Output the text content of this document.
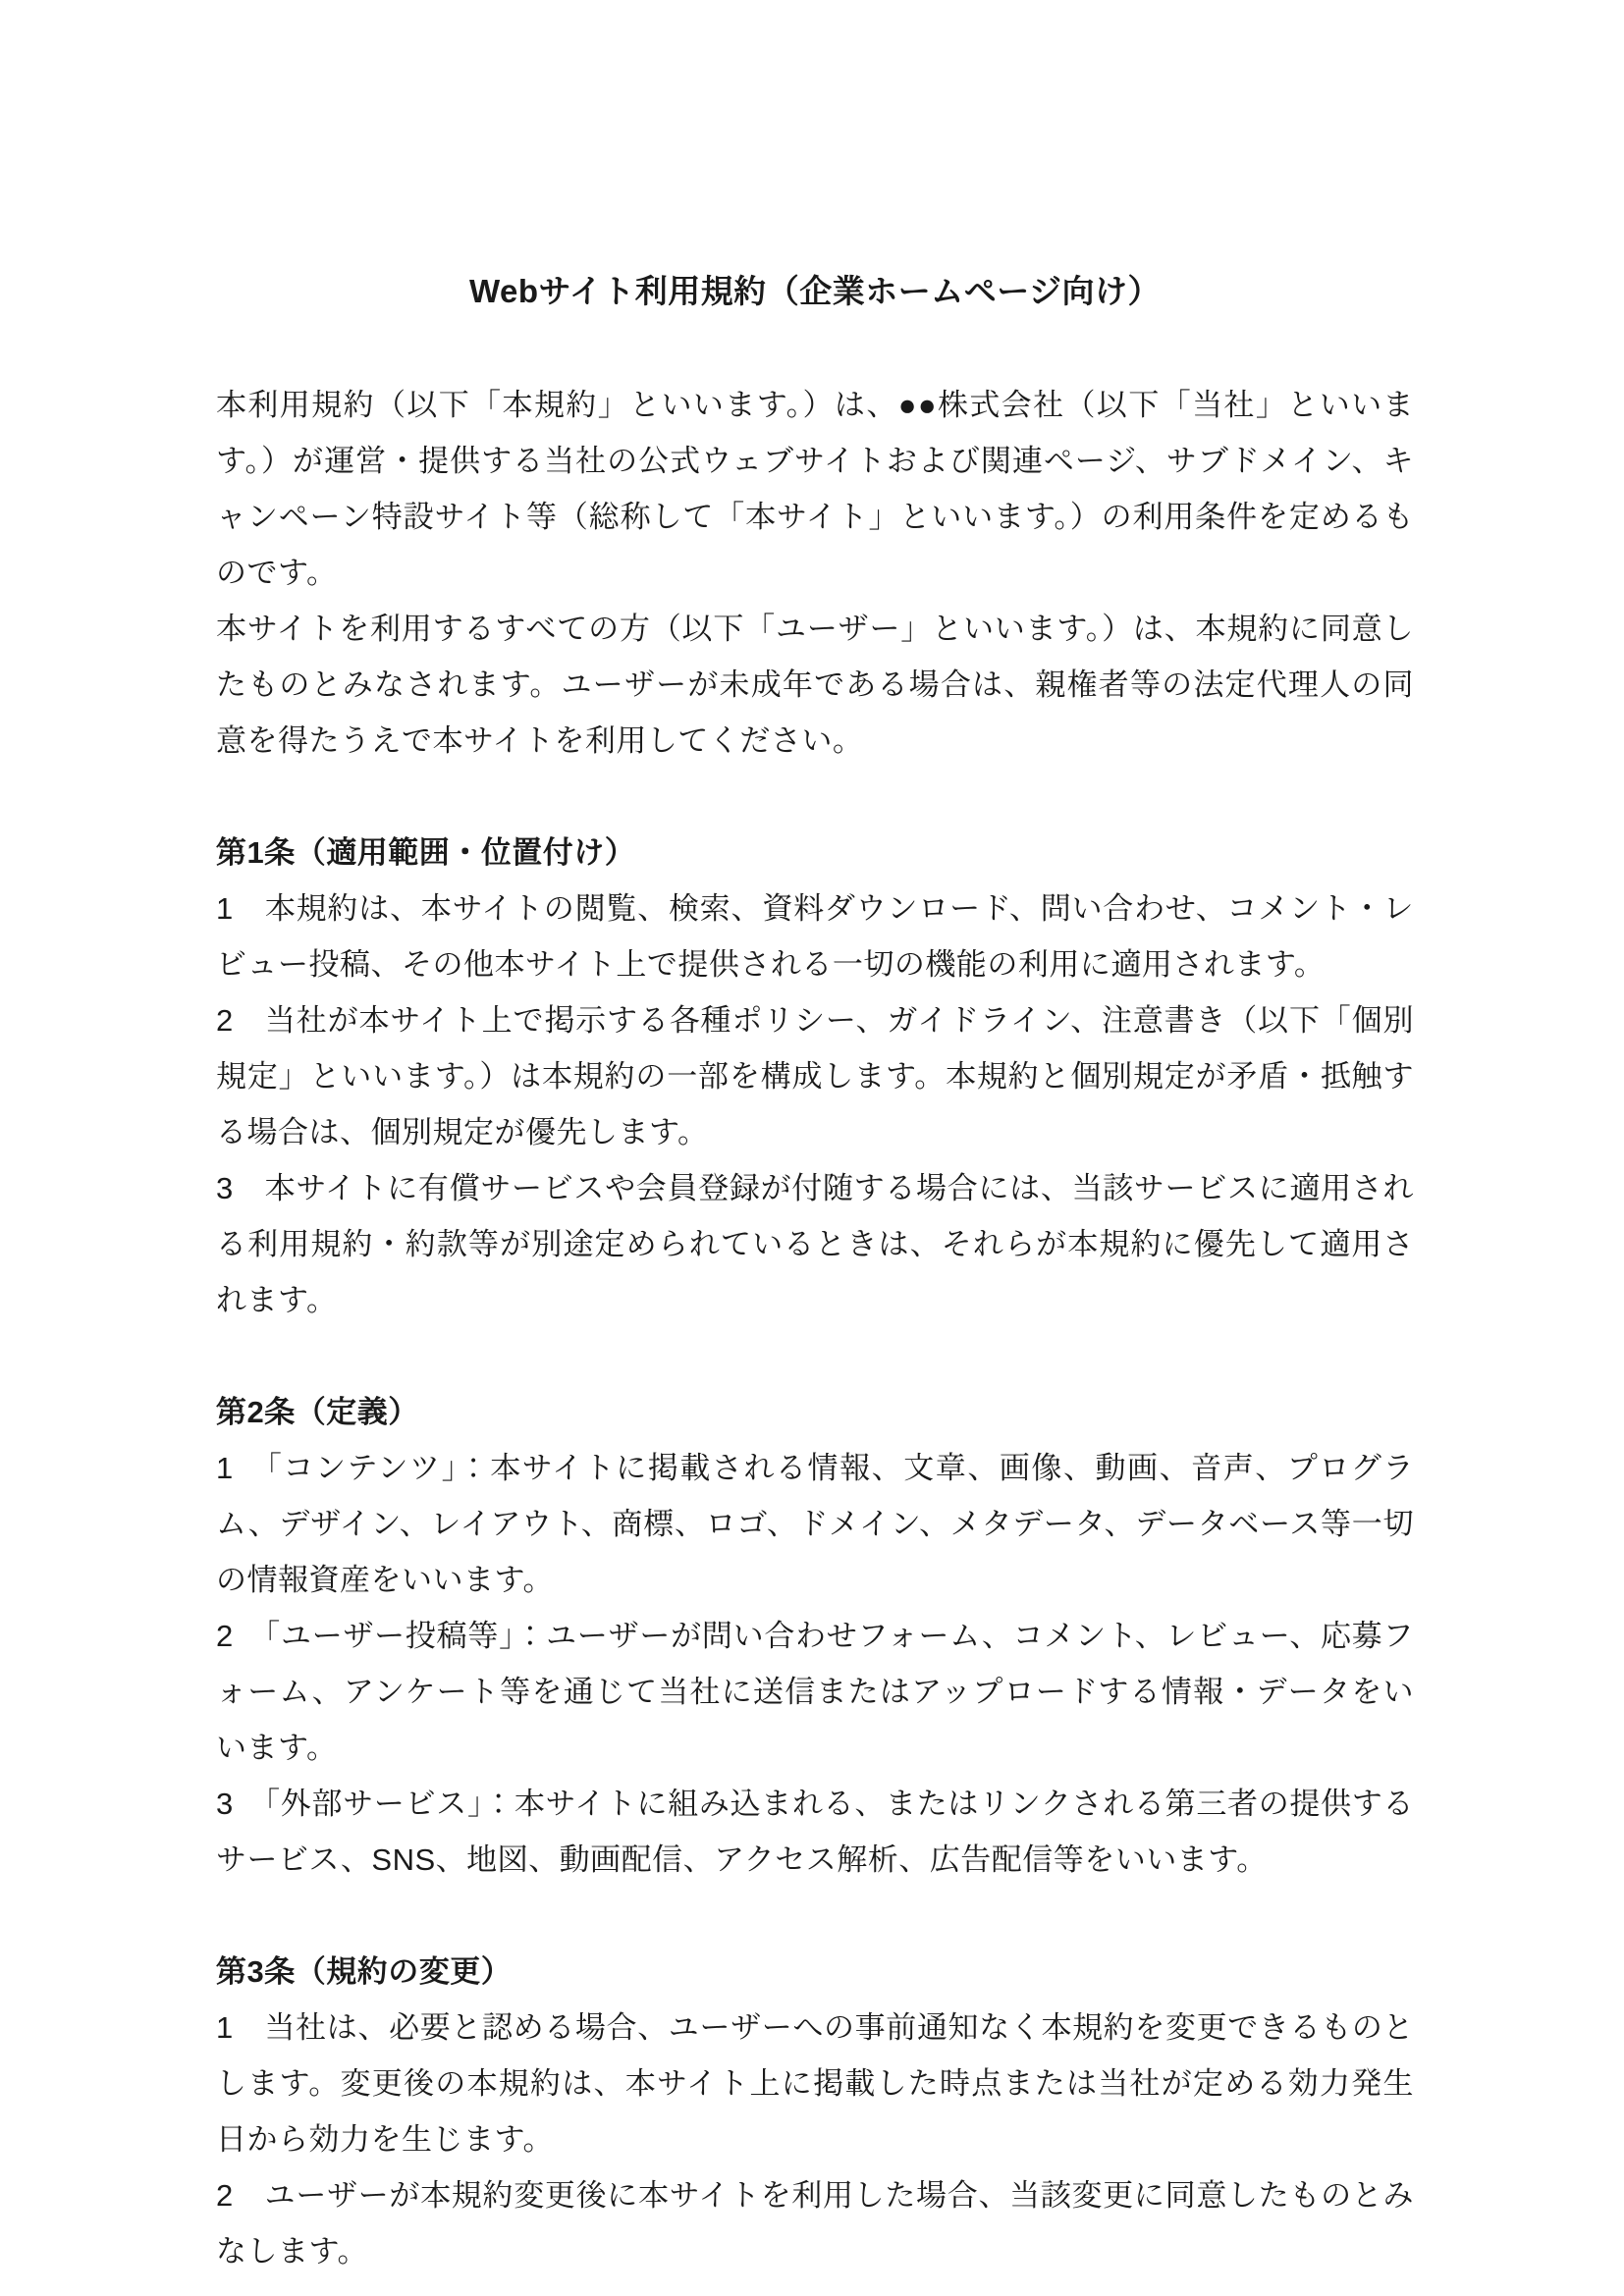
Webサイト利用規約（企業ホームページ向け）

本利用規約（以下「本規約」といいます。）は、●●株式会社（以下「当社」といいます。）が運営・提供する当社の公式ウェブサイトおよび関連ページ、サブドメイン、キャンペーン特設サイト等（総称して「本サイト」といいます。）の利用条件を定めるものです。

本サイトを利用するすべての方（以下「ユーザー」といいます。）は、本規約に同意したものとみなされます。ユーザーが未成年である場合は、親権者等の法定代理人の同意を得たうえで本サイトを利用してください。

第1条（適用範囲・位置付け）

1　本規約は、本サイトの閲覧、検索、資料ダウンロード、問い合わせ、コメント・レビュー投稿、その他本サイト上で提供される一切の機能の利用に適用されます。

2　当社が本サイト上で掲示する各種ポリシー、ガイドライン、注意書き（以下「個別規定」といいます。）は本規約の一部を構成します。本規約と個別規定が矛盾・抵触する場合は、個別規定が優先します。

3　本サイトに有償サービスや会員登録が付随する場合には、当該サービスに適用される利用規約・約款等が別途定められているときは、それらが本規約に優先して適用されます。

第2条（定義）

1　「コンテンツ」：本サイトに掲載される情報、文章、画像、動画、音声、プログラム、デザイン、レイアウト、商標、ロゴ、ドメイン、メタデータ、データベース等一切の情報資産をいいます。

2　「ユーザー投稿等」：ユーザーが問い合わせフォーム、コメント、レビュー、応募フォーム、アンケート等を通じて当社に送信またはアップロードする情報・データをいいます。

3　「外部サービス」：本サイトに組み込まれる、またはリンクされる第三者の提供するサービス、SNS、地図、動画配信、アクセス解析、広告配信等をいいます。

第3条（規約の変更）

1　当社は、必要と認める場合、ユーザーへの事前通知なく本規約を変更できるものとします。変更後の本規約は、本サイト上に掲載した時点または当社が定める効力発生日から効力を生じます。

2　ユーザーが本規約変更後に本サイトを利用した場合、当該変更に同意したものとみなします。
